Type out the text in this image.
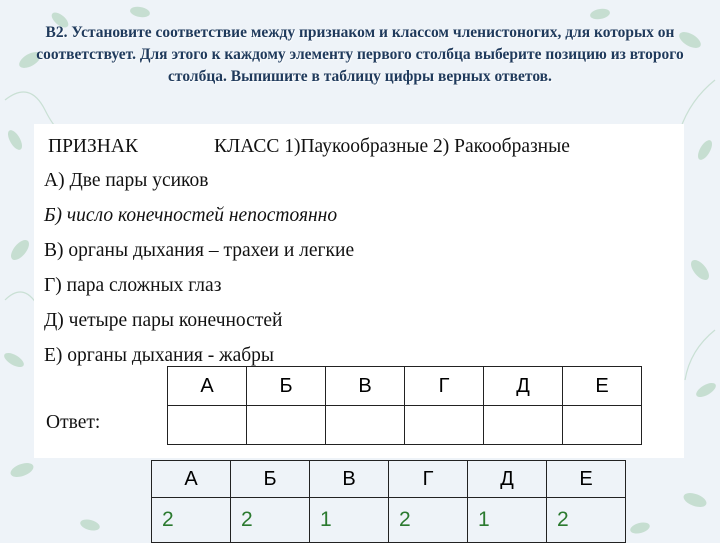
B2. Установите соответствие между признаком и классом членистоногих, для которых он соответствует. Для этого к каждому элементу первого столбца выберите позицию из второго столбца. Выпишите в таблицу цифры верных ответов.
ПРИЗНАК	КЛАСС 1)Паукообразные 2) Ракообразные
А) Две пары усиков
Б) число конечностей непостоянно
В) органы дыхания – трахеи и легкие
Г) пара сложных глаз
Д) четыре пары конечностей
Е) органы дыхания - жабры
Ответ:
А	Б	В	Г	Д	Е

А	Б	В	Г	Д	Е

2	2	1	2	1	2
